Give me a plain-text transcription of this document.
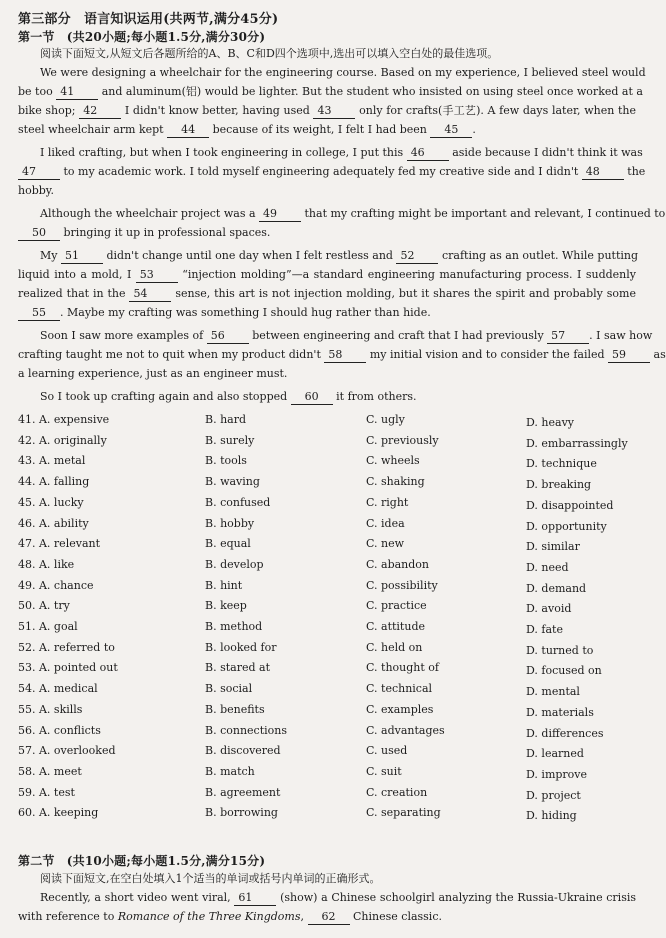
第三部分　语言知识运用(共两节,满分45分)
第一节　(共20小题;每小题1.5分,满分30分)
阅读下面短文,从短文后各题所给的A、B、C和D四个选项中,选出可以填入空白处的最佳选项。
We were designing a wheelchair for the engineering course. Based on my experience, I believed steel would
be too 41	and aluminum(铝) would be lighter. But the student who insisted on using steel once worked at a
bike shop; 42	I didn't know better, having used 43	only for crafts(手工艺). A few days later, when the
steel wheelchair arm kept 44 because of its weight, I felt I had been 45 .
I liked crafting, but when I took engineering in college, I put this 46	aside because I didn't think it was
47	to my academic work. I told myself engineering adequately fed my creative side and I didn't 48	the
hobby.
Although the wheelchair project was a 49	that my crafting might be important and relevant, I continued to
50 bringing it up in professional spaces.
My 51	didn't change until one day when I felt restless and 52	crafting as an outlet. While putting
liquid into a mold, I 53	“injection molding”—a standard engineering manufacturing process. I suddenly
realized that in the 54	sense, this art is not injection molding, but it shares the spirit and probably some
55 . Maybe my crafting was something I should hug rather than hide.
Soon I saw more examples of 56	between engineering and craft that I had previously 57 . I saw how
crafting taught me not to quit when my product didn't 58	my initial vision and to consider the failed 59	as
a learning experience, just as an engineer must.
So I took up crafting again and also stopped 60 it from others.
41. A. expensive	B. hard	C. ugly	D. heavy
42. A. originally	B. surely	C. previously	D. embarrassingly
43. A. metal	B. tools	C. wheels	D. technique
44. A. falling	B. waving	C. shaking	D. breaking
45. A. lucky	B. confused	C. right	D. disappointed
46. A. ability	B. hobby	C. idea	D. opportunity
47. A. relevant	B. equal	C. new	D. similar
48. A. like	B. develop	C. abandon	D. need
49. A. chance	B. hint	C. possibility	D. demand
50. A. try	B. keep	C. practice	D. avoid
51. A. goal	B. method	C. attitude	D. fate
52. A. referred to	B. looked for	C. held on	D. turned to
53. A. pointed out	B. stared at	C. thought of	D. focused on
54. A. medical	B. social	C. technical	D. mental
55. A. skills	B. benefits	C. examples	D. materials
56. A. conflicts	B. connections	C. advantages	D. differences
57. A. overlooked	B. discovered	C. used	D. learned
58. A. meet	B. match	C. suit	D. improve
59. A. test	B. agreement	C. creation	D. project
60. A. keeping	B. borrowing	C. separating	D. hiding
第二节　(共10小题;每小题1.5分,满分15分)
阅读下面短文,在空白处填入1个适当的单词或括号内单词的正确形式。
Recently, a short video went viral, 61	(show) a Chinese schoolgirl analyzing the Russia-Ukraine crisis
with reference to Romance of the Three Kingdoms, 62 Chinese classic.
